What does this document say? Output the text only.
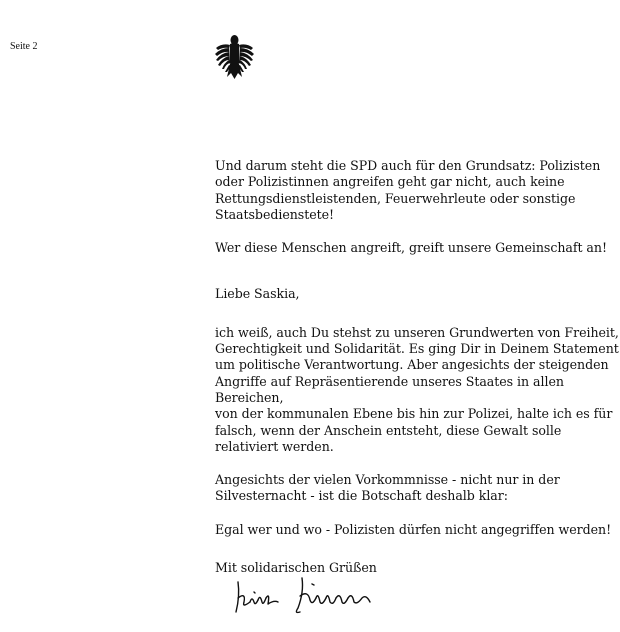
Seite 2

Und darum steht die SPD auch für den Grundsatz: Polizisten
oder Polizistinnen angreifen geht gar nicht, auch keine
Rettungsdienstleistenden, Feuerwehrleute oder sonstige
Staatsbedienstete!

Wer diese Menschen angreift, greift unsere Gemeinschaft an!

Liebe Saskia,

ich weiß, auch Du stehst zu unseren Grundwerten von Freiheit,
Gerechtigkeit und Solidarität. Es ging Dir in Deinem Statement
um politische Verantwortung. Aber angesichts der steigenden
Angriffe auf Repräsentierende unseres Staates in allen Bereichen,
von der kommunalen Ebene bis hin zur Polizei, halte ich es für
falsch, wenn der Anschein entsteht, diese Gewalt solle
relativiert werden.

Angesichts der vielen Vorkommnisse - nicht nur in der
Silvesternacht - ist die Botschaft deshalb klar:

Egal wer und wo - Polizisten dürfen nicht angegriffen werden!

Mit solidarischen Grüßen
